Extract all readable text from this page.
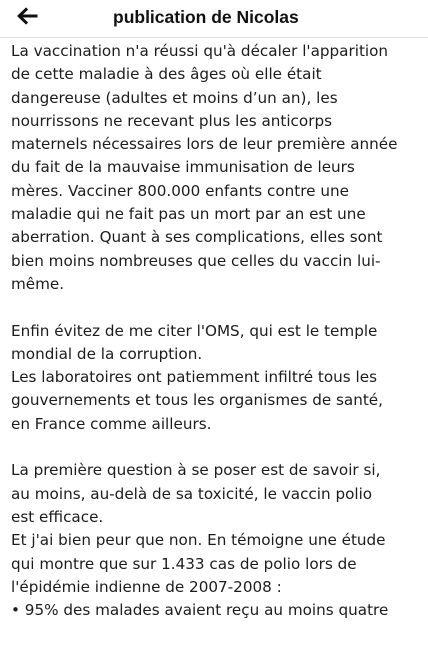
publication de Nicolas
La vaccination n'a réussi qu'à décaler l'apparition
de cette maladie à des âges où elle était
dangereuse (adultes et moins d’un an), les
nourrissons ne recevant plus les anticorps
maternels nécessaires lors de leur première année
du fait de la mauvaise immunisation de leurs
mères. Vacciner 800.000 enfants contre une
maladie qui ne fait pas un mort par an est une
aberration. Quant à ses complications, elles sont
bien moins nombreuses que celles du vaccin lui-
même.
Enfin évitez de me citer l'OMS, qui est le temple
mondial de la corruption.
Les laboratoires ont patiemment infiltré tous les
gouvernements et tous les organismes de santé,
en France comme ailleurs.
La première question à se poser est de savoir si,
au moins, au-delà de sa toxicité, le vaccin polio
est efficace.
Et j'ai bien peur que non. En témoigne une étude
qui montre que sur 1.433 cas de polio lors de
l'épidémie indienne de 2007-2008 :
• 95% des malades avaient reçu au moins quatre
